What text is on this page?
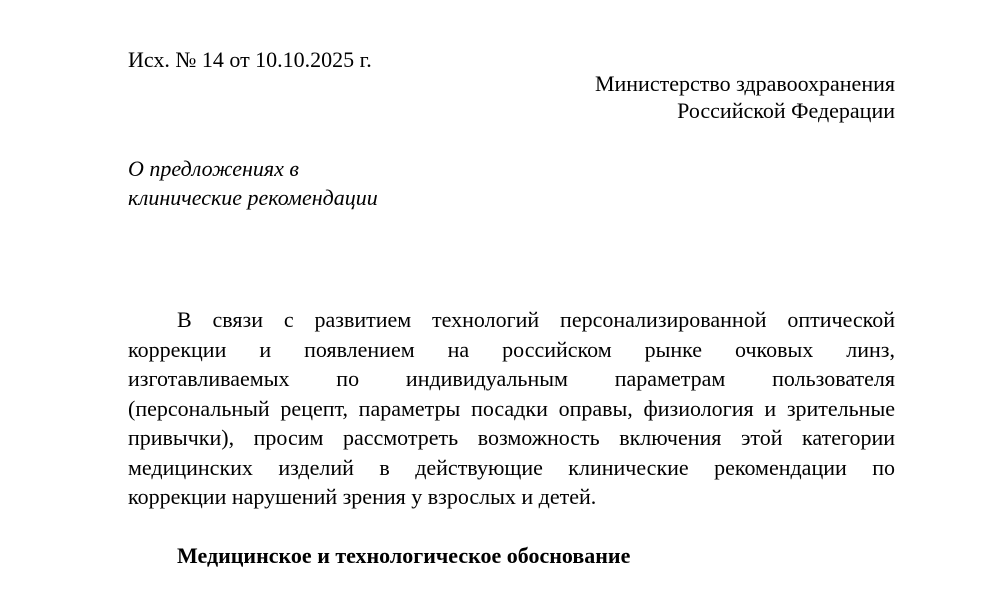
Исх. № 14 от 10.10.2025 г.
Министерство здравоохранения
Российской Федерации
О предложениях в
клинические рекомендации
В связи с развитием технологий персонализированной оптической
коррекции и появлением на российском рынке очковых линз,
изготавливаемых по индивидуальным параметрам пользователя
(персональный рецепт, параметры посадки оправы, физиология и зрительные
привычки), просим рассмотреть возможность включения этой категории
медицинских изделий в действующие клинические рекомендации по
коррекции нарушений зрения у взрослых и детей.
Медицинское и технологическое обоснование
